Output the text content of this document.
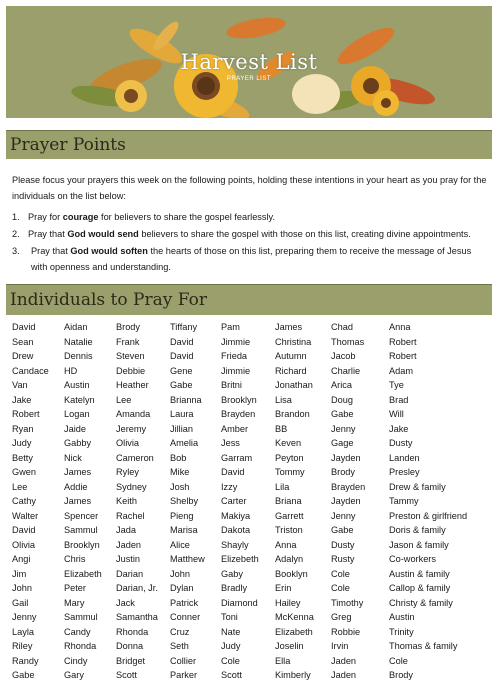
Harvest List
PRAYER LIST
Prayer Points
Please focus your prayers this week on the following points, holding these intentions in your heart as you pray for the individuals on the list below:
1. Pray for courage for believers to share the gospel fearlessly.
2. Pray that God would send believers to share the gospel with those on this list, creating divine appointments.
3. Pray that God would soften the hearts of those on this list, preparing them to receive the message of Jesus with openness and understanding.
Individuals to Pray For
David
Sean
Drew
Candace
Van
Jake
Robert
Ryan
Judy
Betty
Gwen
Lee
Cathy
Walter
David
Olivia
Angi
Jim
John
Gail
Jenny
Layla
Riley
Randy
Gabe
Aidan
Natalie
Dennis
HD
Austin
Katelyn
Logan
Jaide
Gabby
Nick
James
Addie
James
Spencer
Sammul
Brooklyn
Chris
Elizabeth
Peter
Mary
Sammul
Candy
Rhonda
Cindy
Gary
Brody
Frank
Steven
Debbie
Heather
Lee
Amanda
Jeremy
Olivia
Cameron
Ryley
Sydney
Keith
Rachel
Jada
Jaden
Justin
Darian
Darian, Jr.
Jack
Samantha
Rhonda
Donna
Bridget
Scott
Tiffany
David
David
Gene
Gabe
Brianna
Laura
Jillian
Amelia
Bob
Mike
Josh
Shelby
Pieng
Marisa
Alice
Matthew
John
Dylan
Patrick
Conner
Cruz
Seth
Collier
Parker
Pam
Jimmie
Frieda
Jimmie
Britni
Brooklyn
Brayden
Amber
Jess
Garram
David
Izzy
Carter
Makiya
Dakota
Shayly
Elizebeth
Gaby
Bradly
Diamond
Toni
Nate
Judy
Cole
Scott
James
Christina
Autumn
Richard
Jonathan
Lisa
Brandon
BB
Keven
Peyton
Tommy
Lila
Briana
Garrett
Triston
Anna
Adalyn
Booklyn
Erin
Hailey
McKenna
Elizabeth
Joselin
Ella
Kimberly
Chad
Thomas
Jacob
Charlie
Arica
Doug
Gabe
Jenny
Gage
Jayden
Brody
Brayden
Jayden
Jenny
Gabe
Dusty
Rusty
Cole
Cole
Timothy
Greg
Robbie
Irvin
Jaden
Jaden
Anna
Robert
Robert
Adam
Tye
Brad
Will
Jake
Dusty
Landen
Presley
Drew & family
Tammy
Preston & girlfriend
Doris & family
Jason & family
Co-workers
Austin & family
Callop & family
Christy & family
Austin
Trinity
Thomas & family
Cole
Brody
